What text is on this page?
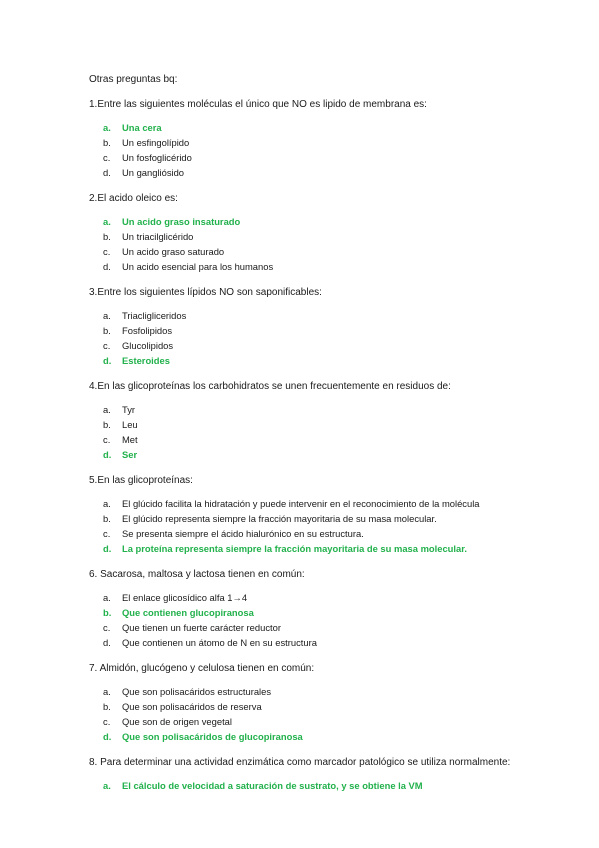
Otras preguntas bq:

1.Entre las siguientes moléculas el único que NO es lipido de membrana es:

a.	Una cera
b.	Un esfingolípido
c.	Un fosfoglicérido
d.	Un gangliósido

2.El acido oleico es:

a.	Un acido graso insaturado
b.	Un triacilglicérido
c.	Un acido graso saturado
d.	Un acido esencial para los humanos

3.Entre los siguientes lípidos NO son saponificables:

a.	Triacligliceridos
b.	Fosfolipidos
c.	Glucolipidos
d.	Esteroides

4.En las glicoproteínas los carbohidratos se unen frecuentemente en residuos de:

a.	Tyr
b.	Leu
c.	Met
d.	Ser

5.En las glicoproteínas:

a.	El glúcido facilita la hidratación y puede intervenir en el reconocimiento de la molécula
b.	El glúcido representa siempre la fracción mayoritaria de su masa molecular.
c.	Se presenta siempre el ácido hialurónico en su estructura.
d.	La proteína representa siempre la fracción mayoritaria de su masa molecular.

6. Sacarosa, maltosa y lactosa tienen en común:

a.	El enlace glicosídico alfa 1→4
b.	Que contienen glucopiranosa
c.	Que tienen un fuerte carácter reductor
d.	Que contienen un átomo de N en su estructura

7. Almidón, glucógeno y celulosa tienen en común:

a.	Que son polisacáridos estructurales
b.	Que son polisacáridos de reserva
c.	Que son de origen vegetal
d.	Que son polisacáridos de glucopiranosa

8. Para determinar una actividad enzimática como marcador patológico se utiliza normalmente:

a.	El cálculo de velocidad a saturación de sustrato, y se obtiene la VM
